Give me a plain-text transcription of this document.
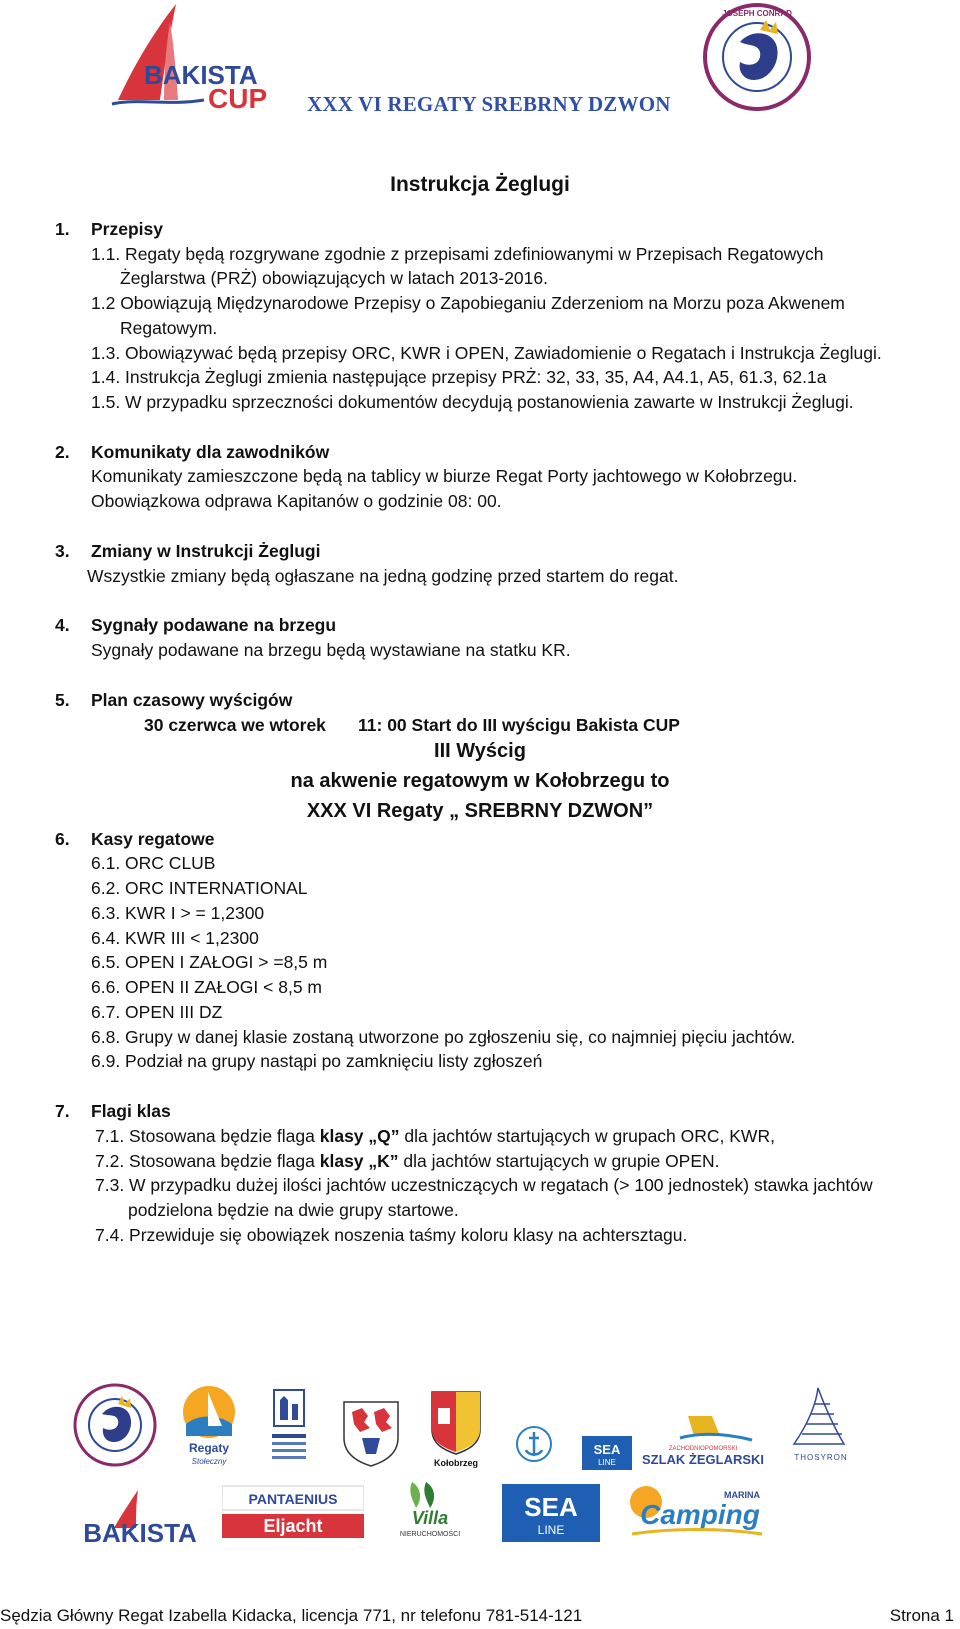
BAKISTA
CUP XXX VI REGATY SREBRNY DZWON
JOSEPH CONRAD
Instrukcja Żeglugi
1. Przepisy
1.1. Regaty będą rozgrywane zgodnie z przepisami zdefiniowanymi w Przepisach Regatowych
Żeglarstwa (PRŻ) obowiązujących w latach 2013-2016.
1.2 Obowiązują Międzynarodowe Przepisy o Zapobieganiu Zderzeniom na Morzu poza Akwenem
Regatowym.
1.3. Obowiązywać będą przepisy ORC, KWR i OPEN, Zawiadomienie o Regatach i Instrukcja Żeglugi.
1.4. Instrukcja Żeglugi zmienia następujące przepisy PRŻ: 32, 33, 35, A4, A4.1, A5, 61.3, 62.1a
1.5. W przypadku sprzeczności dokumentów decydują postanowienia zawarte w Instrukcji Żeglugi.
2. Komunikaty dla zawodników
Komunikaty zamieszczone będą na tablicy w biurze Regat Porty jachtowego w Kołobrzegu.
Obowiązkowa odprawa Kapitanów o godzinie 08: 00.
3. Zmiany w Instrukcji Żeglugi
Wszystkie zmiany będą ogłaszane na jedną godzinę przed startem do regat.
4. Sygnały podawane na brzegu
Sygnały podawane na brzegu będą wystawiane na statku KR.
5. Plan czasowy wyścigów
30 czerwca we wtorek 11: 00 Start do III wyścigu Bakista CUP
III Wyścig
na akwenie regatowym w Kołobrzegu to
XXX VI Regaty „ SREBRNY DZWON”
6. Kasy regatowe
6.1. ORC CLUB
6.2. ORC INTERNATIONAL
6.3. KWR I > = 1,2300
6.4. KWR III < 1,2300
6.5. OPEN I ZAŁOGI > =8,5 m
6.6. OPEN II ZAŁOGI < 8,5 m
6.7. OPEN III DZ
6.8. Grupy w danej klasie zostaną utworzone po zgłoszeniu się, co najmniej pięciu jachtów.
6.9. Podział na grupy nastąpi po zamknięciu listy zgłoszeń
7. Flagi klas
7.1. Stosowana będzie flaga klasy „Q” dla jachtów startujących w grupach ORC, KWR,
7.2. Stosowana będzie flaga klasy „K” dla jachtów startujących w grupie OPEN.
7.3. W przypadku dużej ilości jachtów uczestniczących w regatach (> 100 jednostek) stawka jachtów
podzielona będzie na dwie grupy startowe.
7.4. Przewiduje się obowiązek noszenia taśmy koloru klasy na achtersztagu.
Regaty
Stołeczny	Kołobrzeg
SEA
LINE
ZACHODNIOPOMORSKI
SZLAK ŻEGLARSKI	THOSYRON
BAKISTA
PANTAENIUS
Eljacht	Villa
NIERUCHOMOŚCI
SEA
LINE
MARINA
Camping
Sędzia Główny Regat Izabella Kidacka, licencja 771, nr telefonu 781-514-121	Strona 1
